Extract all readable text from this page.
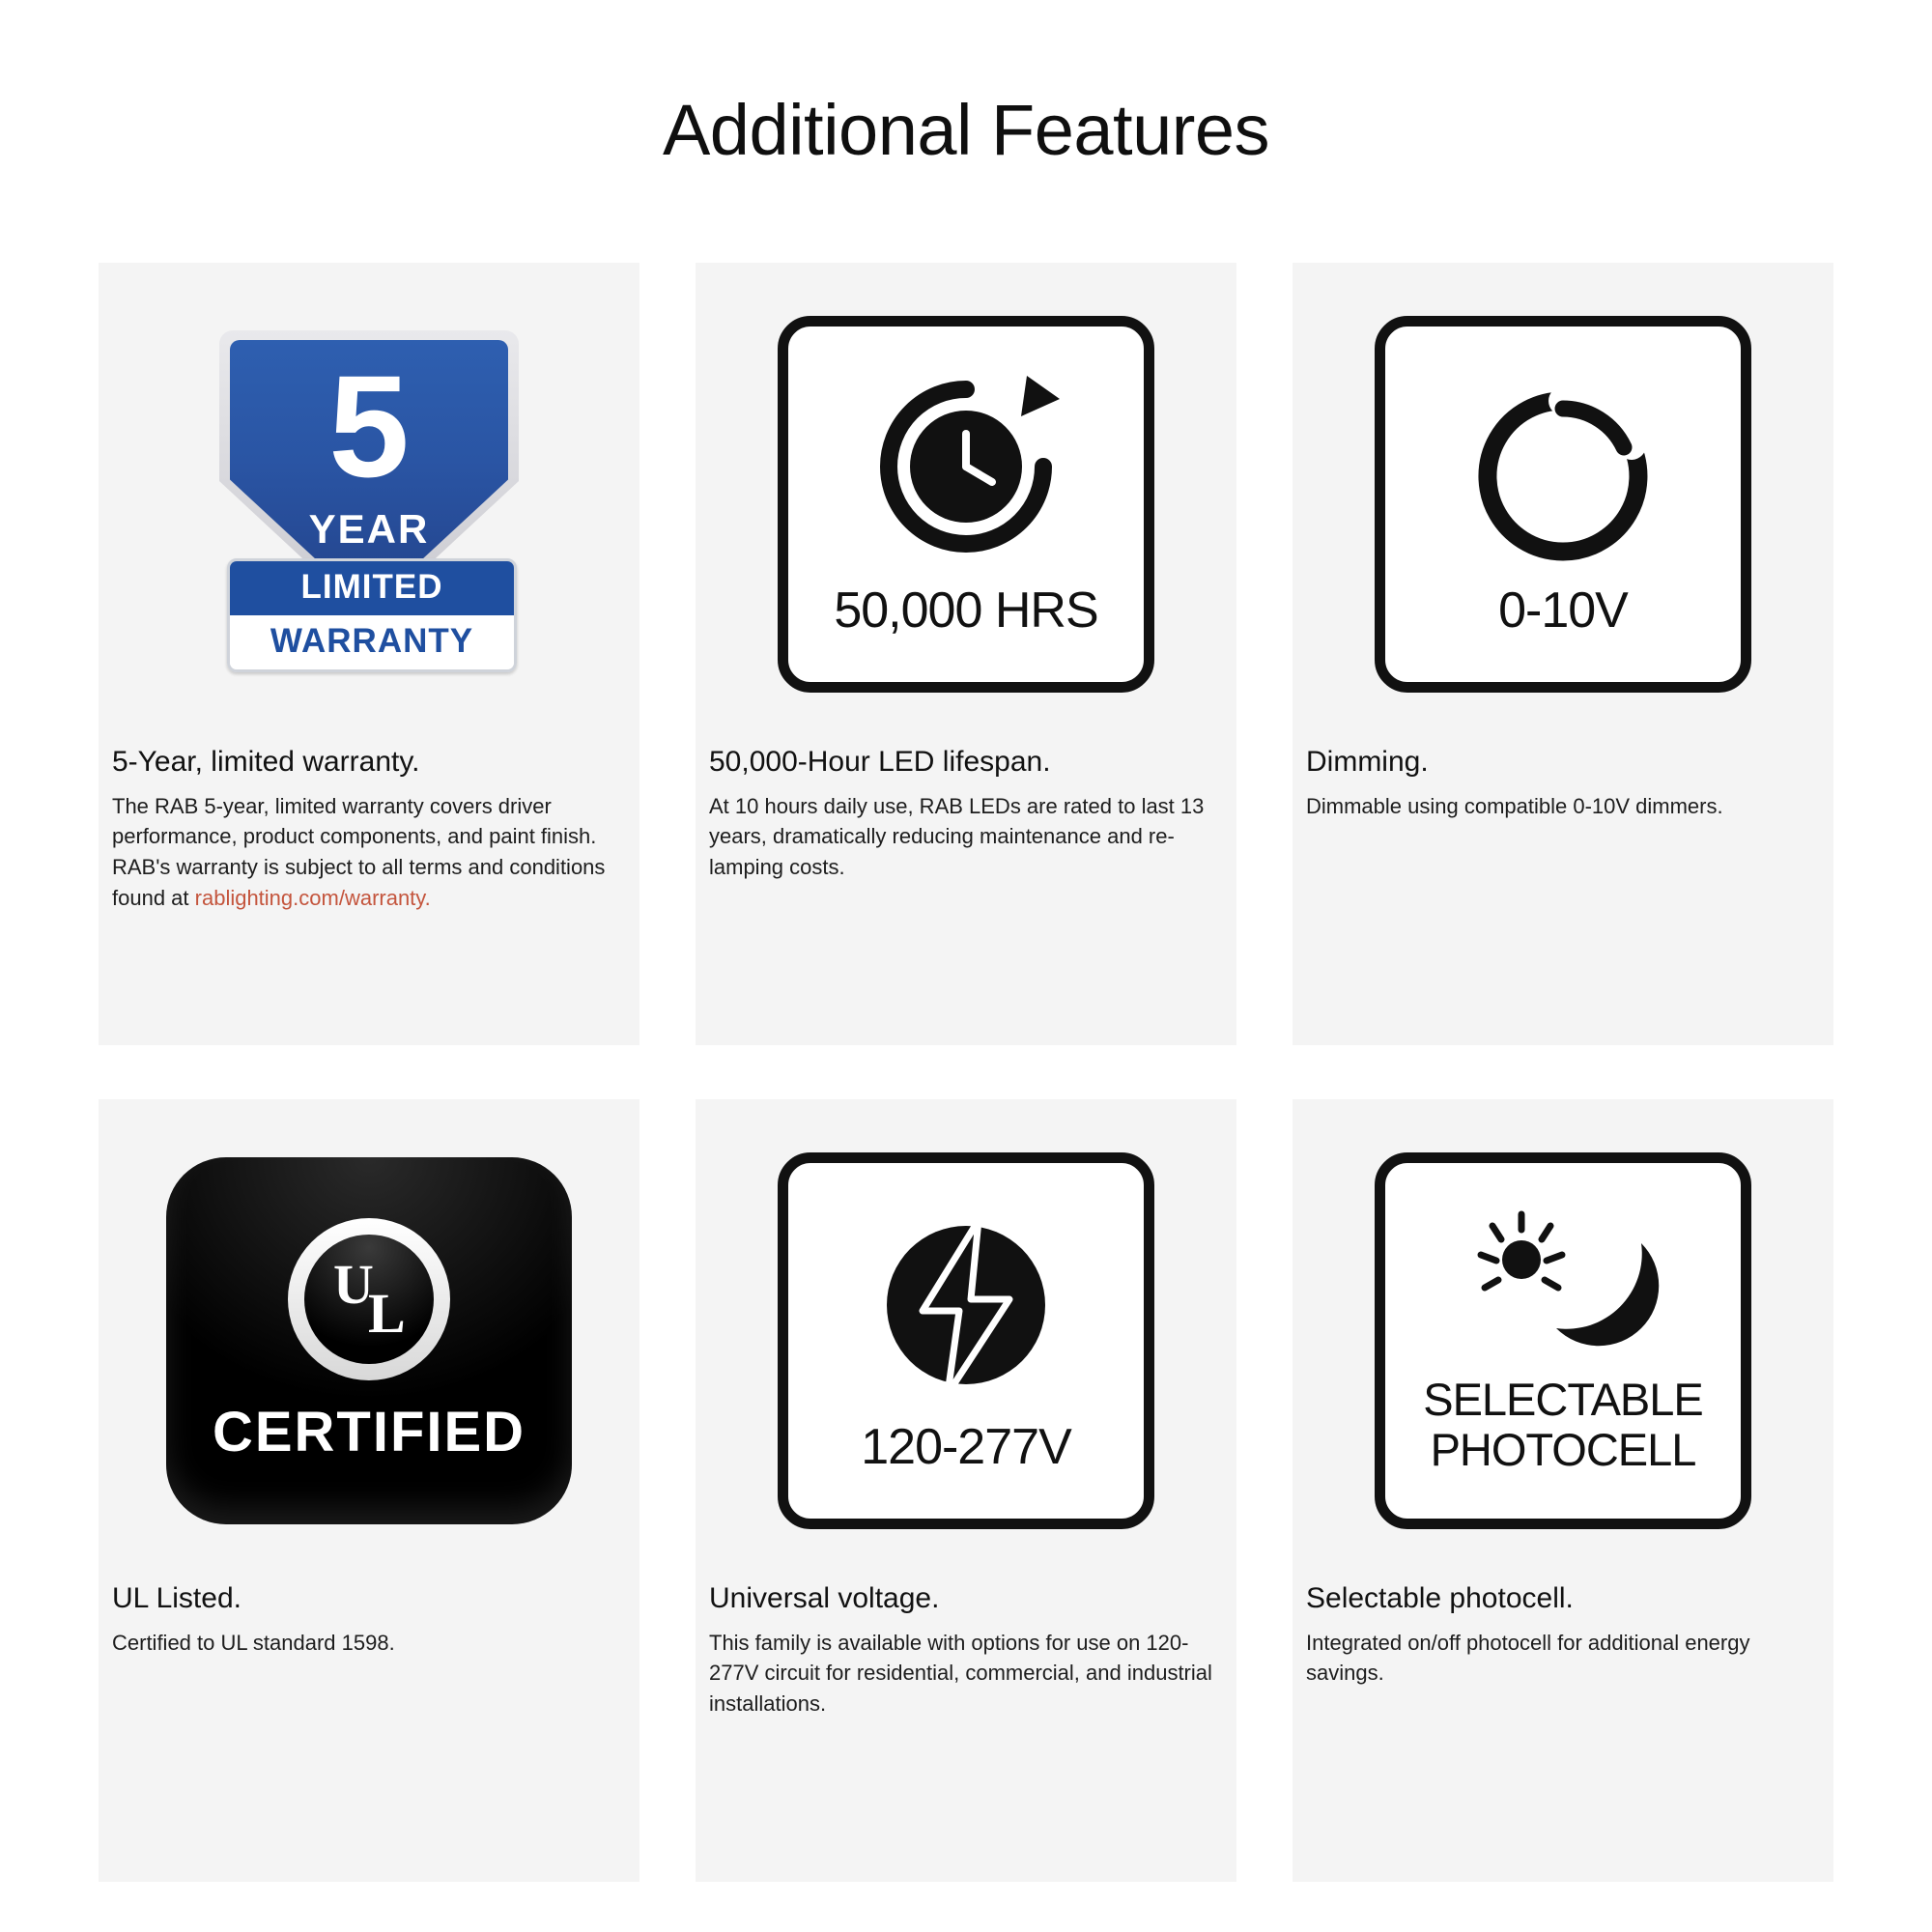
Additional Features
5
YEAR
LIMITED
WARRANTY

5-Year, limited warranty.

The RAB 5-year, limited warranty covers driver performance, product components, and paint finish. RAB's warranty is subject to all terms and conditions found at rablighting.com/warranty.

50,000 HRS

50,000-Hour LED lifespan.

At 10 hours daily use, RAB LEDs are rated to last 13 years, dramatically reducing maintenance and re-lamping costs.

0-10V

Dimming.

Dimmable using compatible 0-10V dimmers.

U
L
CERTIFIED

UL Listed.

Certified to UL standard 1598.

120-277V

Universal voltage.

This family is available with options for use on 120-277V circuit for residential, commercial, and industrial installations.

SELECTABLE
PHOTOCELL

Selectable photocell.

Integrated on/off photocell for additional energy savings.
